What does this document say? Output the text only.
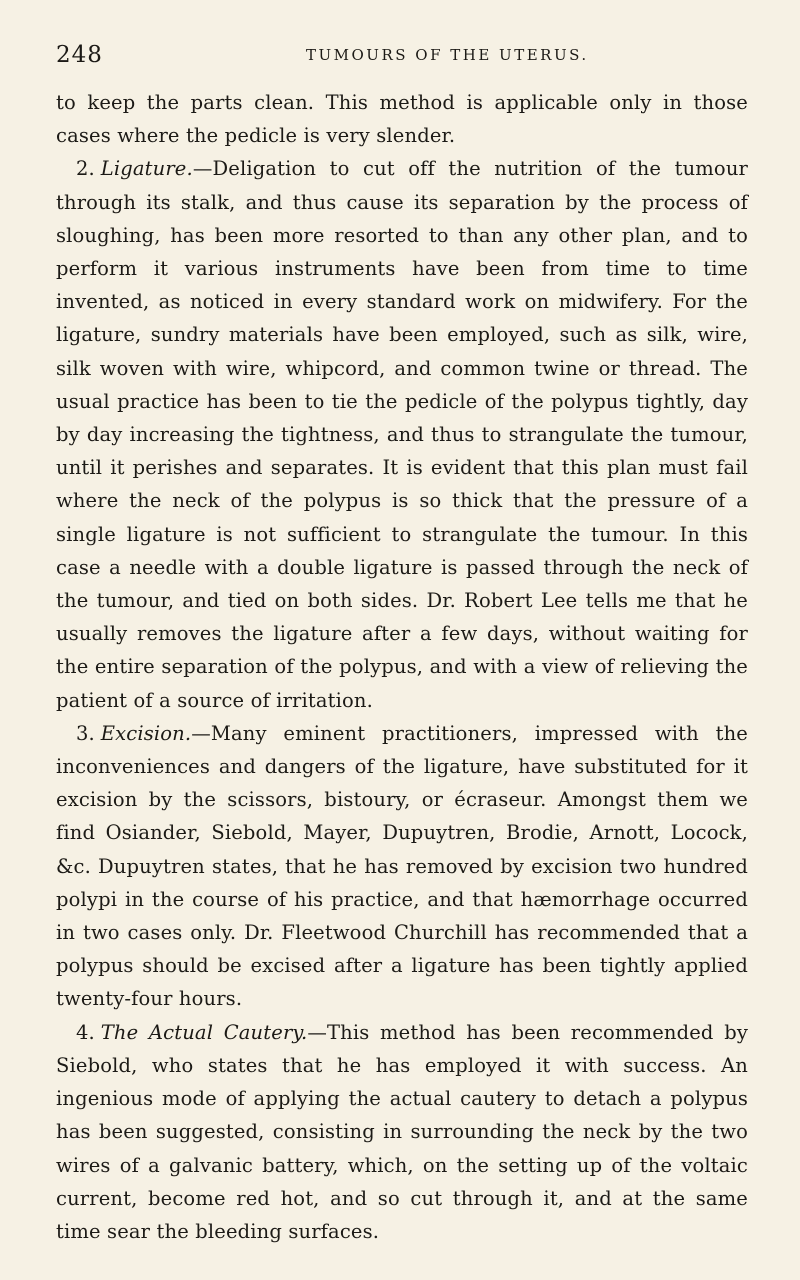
248	TUMOURS OF THE UTERUS.

to keep the parts clean. This method is applicable only in those cases where the pedicle is very slender.

2. Ligature.—Deligation to cut off the nutrition of the tumour through its stalk, and thus cause its separation by the process of sloughing, has been more resorted to than any other plan, and to perform it various instruments have been from time to time invented, as noticed in every standard work on midwifery. For the ligature, sundry materials have been employed, such as silk, wire, silk woven with wire, whipcord, and common twine or thread. The usual practice has been to tie the pedicle of the polypus tightly, day by day increasing the tightness, and thus to strangulate the tumour, until it perishes and separates. It is evident that this plan must fail where the neck of the polypus is so thick that the pressure of a single ligature is not sufficient to strangulate the tumour. In this case a needle with a double ligature is passed through the neck of the tumour, and tied on both sides. Dr. Robert Lee tells me that he usually removes the ligature after a few days, without waiting for the entire separation of the polypus, and with a view of relieving the patient of a source of irritation.

3. Excision.—Many eminent practitioners, impressed with the inconveniences and dangers of the ligature, have substituted for it excision by the scissors, bistoury, or écraseur. Amongst them we find Osiander, Siebold, Mayer, Dupuytren, Brodie, Arnott, Locock, &c. Dupuytren states, that he has removed by excision two hundred polypi in the course of his practice, and that hæmorrhage occurred in two cases only. Dr. Fleetwood Churchill has recommended that a polypus should be excised after a ligature has been tightly applied twenty-four hours.

4. The Actual Cautery.—This method has been recommended by Siebold, who states that he has employed it with success. An ingenious mode of applying the actual cautery to detach a polypus has been suggested, consisting in surrounding the neck by the two wires of a galvanic battery, which, on the setting up of the voltaic current, become red hot, and so cut through it, and at the same time sear the bleeding surfaces.
